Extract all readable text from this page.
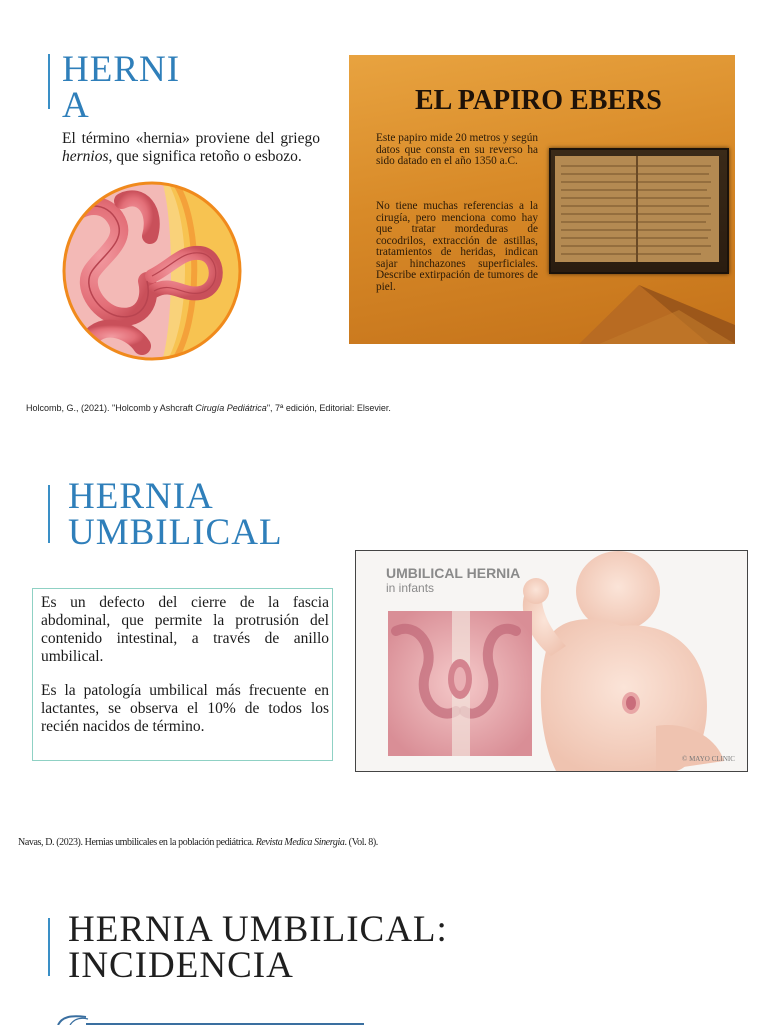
HERNI
A
El término «hernia» proviene del griego hernios, que significa retoño o esbozo.
EL PAPIRO EBERS
Este papiro mide 20 metros y según datos que consta en su reverso ha sido datado en el año 1350 a.C.
No tiene muchas referencias a la cirugía, pero menciona como hay que tratar mordeduras de cocodrilos, extracción de astillas, tratamientos de heridas, indican sajar hinchazones superficiales. Describe extirpación de tumores de piel.
Holcomb, G., (2021). "Holcomb y Ashcraft Cirugía Pediátrica", 7ª edición, Editorial: Elsevier.
HERNIA
UMBILICAL
Es un defecto del cierre de la fascia abdominal, que permite la protrusión del contenido intestinal, a través de anillo umbilical.
Es la patología umbilical más frecuente en lactantes, se observa el 10% de todos los recién nacidos de término.
UMBILICAL HERNIA
in infants
© MAYO CLINIC
Navas, D. (2023). Hernias umbilicales en la población pediátrica. Revista Medica Sinergia. (Vol. 8).
HERNIA UMBILICAL:
INCIDENCIA
